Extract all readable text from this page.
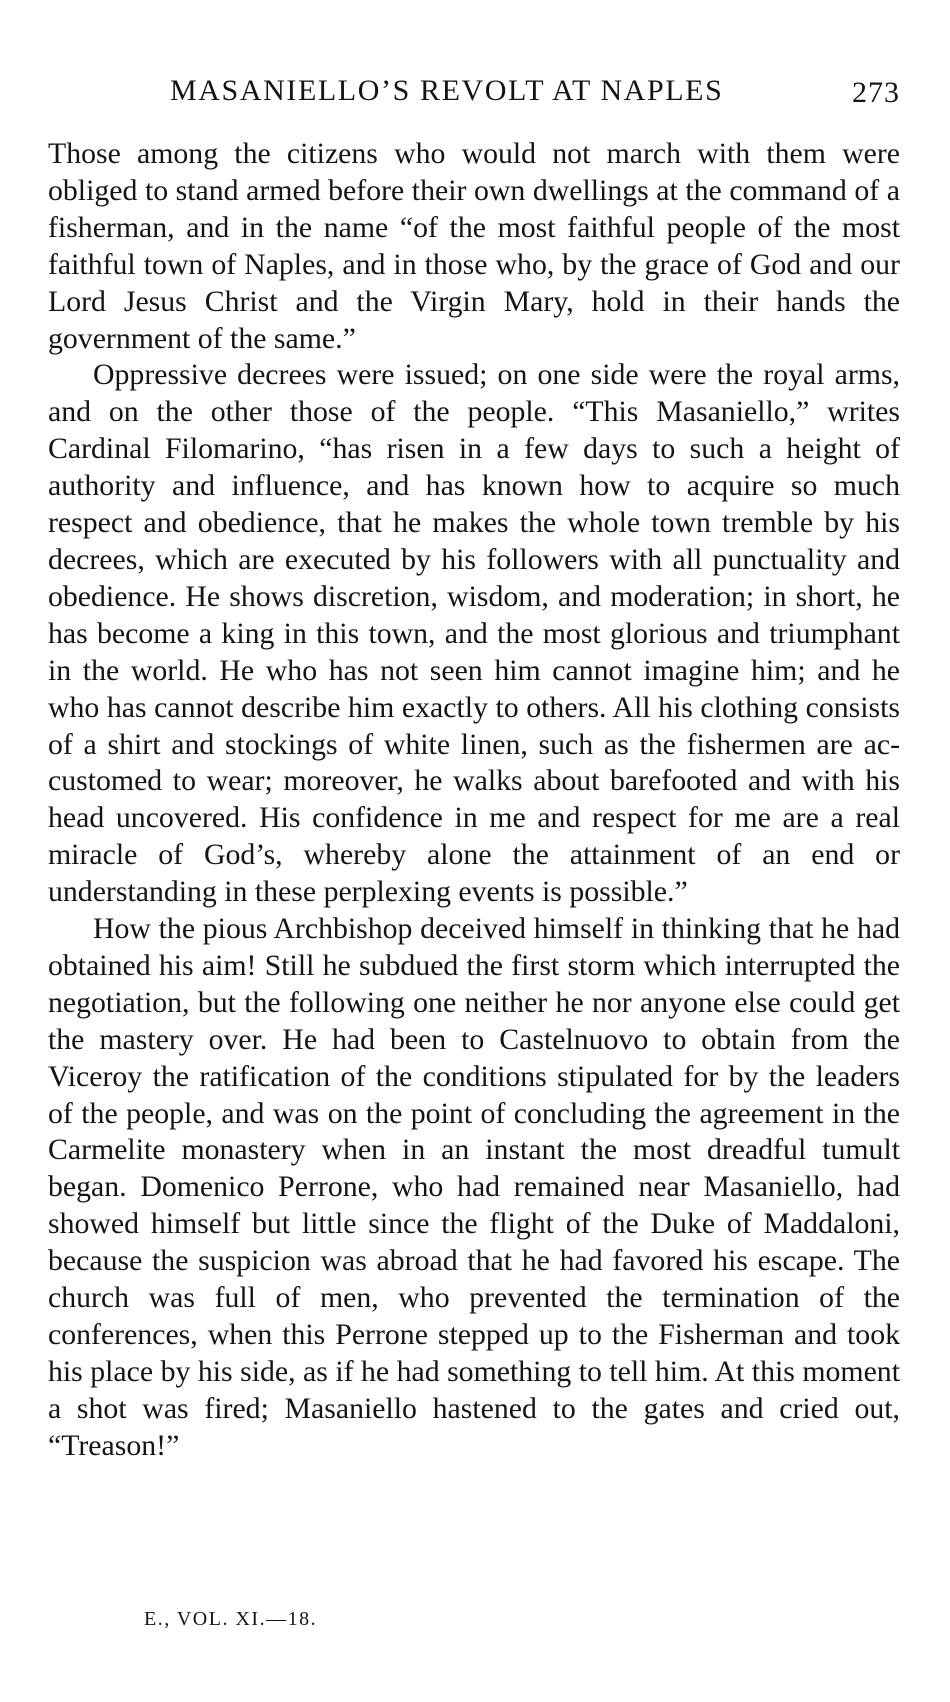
MASANIELLO’S REVOLT AT NAPLES	273

Those among the citizens who would not march with them were obliged to stand armed before their own dwellings at the command of a fisherman, and in the name “of the most faithful people of the most faithful town of Naples, and in those who, by the grace of God and our Lord Jesus Christ and the Virgin Mary, hold in their hands the government of the same.”

Oppressive decrees were issued; on one side were the royal arms, and on the other those of the people. “This Masaniello,” writes Cardinal Filomarino, “has risen in a few days to such a height of authority and influence, and has known how to acquire so much respect and obedience, that he makes the whole town tremble by his decrees, which are executed by his followers with all punctuality and obedience. He shows discretion, wisdom, and moderation; in short, he has become a king in this town, and the most glorious and triumphant in the world. He who has not seen him cannot imagine him; and he who has cannot describe him exactly to others. All his clothing consists of a shirt and stockings of white linen, such as the fishermen are accustomed to wear; moreover, he walks about barefooted and with his head uncovered. His confidence in me and respect for me are a real miracle of God’s, whereby alone the attainment of an end or understanding in these perplexing events is possible.”

How the pious Archbishop deceived himself in thinking that he had obtained his aim! Still he subdued the first storm which interrupted the negotiation, but the following one neither he nor anyone else could get the mastery over. He had been to Castelnuovo to obtain from the Viceroy the ratification of the conditions stipulated for by the leaders of the people, and was on the point of concluding the agreement in the Carmelite monastery when in an instant the most dreadful tumult began. Domenico Perrone, who had remained near Masaniello, had showed himself but little since the flight of the Duke of Maddaloni, because the suspicion was abroad that he had favored his escape. The church was full of men, who prevented the termination of the conferences, when this Perrone stepped up to the Fisherman and took his place by his side, as if he had something to tell him. At this moment a shot was fired; Masaniello hastened to the gates and cried out, “Treason!”

E., VOL. XI.—18.
